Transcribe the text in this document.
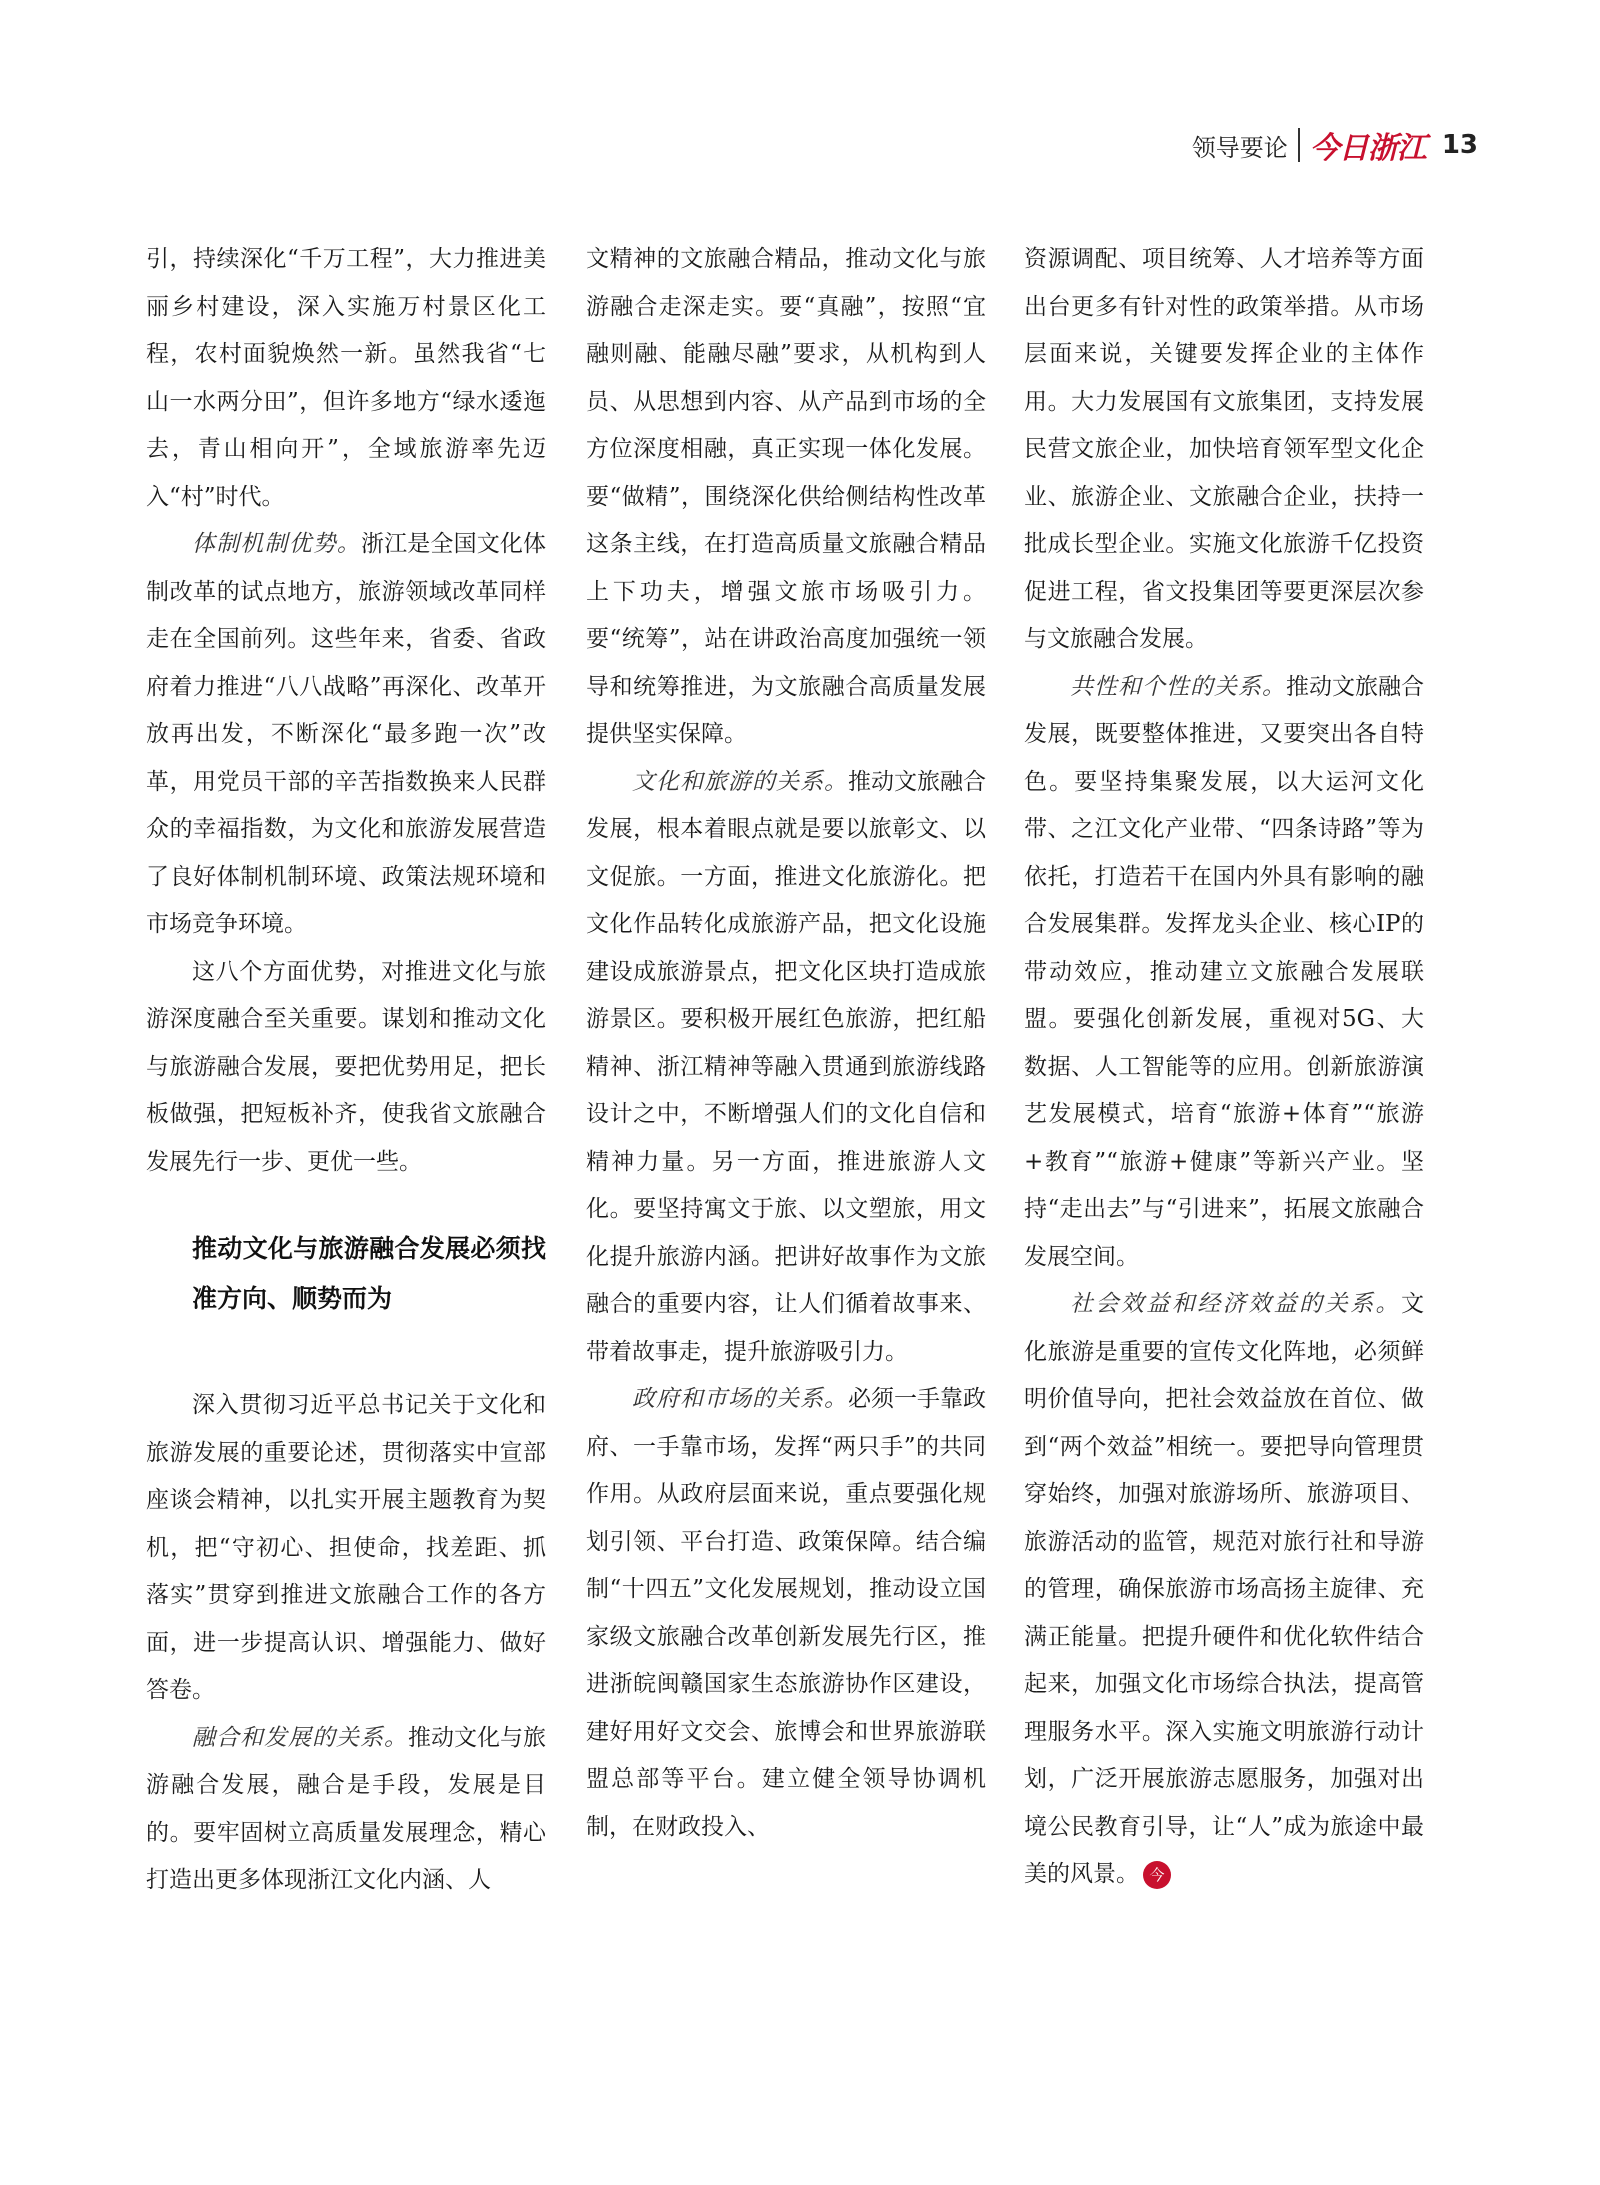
领导要论 今日浙江 13

引，持续深化“千万工程”，大力推进美丽乡村建设，深入实施万村景区化工程，农村面貌焕然一新。虽然我省“七山一水两分田”，但许多地方“绿水逶迤去，青山相向开”，全域旅游率先迈入“村”时代。

体制机制优势。浙江是全国文化体制改革的试点地方，旅游领域改革同样走在全国前列。这些年来，省委、省政府着力推进“八八战略”再深化、改革开放再出发，不断深化“最多跑一次”改革，用党员干部的辛苦指数换来人民群众的幸福指数，为文化和旅游发展营造了良好体制机制环境、政策法规环境和市场竞争环境。

这八个方面优势，对推进文化与旅游深度融合至关重要。谋划和推动文化与旅游融合发展，要把优势用足，把长板做强，把短板补齐，使我省文旅融合发展先行一步、更优一些。

推动文化与旅游融合发展必须找准方向、顺势而为

深入贯彻习近平总书记关于文化和旅游发展的重要论述，贯彻落实中宣部座谈会精神，以扎实开展主题教育为契机，把“守初心、担使命，找差距、抓落实”贯穿到推进文旅融合工作的各方面，进一步提高认识、增强能力、做好答卷。

融合和发展的关系。推动文化与旅游融合发展，融合是手段，发展是目的。要牢固树立高质量发展理念，精心打造出更多体现浙江文化内涵、人

文精神的文旅融合精品，推动文化与旅游融合走深走实。要“真融”，按照“宜融则融、能融尽融”要求，从机构到人员、从思想到内容、从产品到市场的全方位深度相融，真正实现一体化发展。要“做精”，围绕深化供给侧结构性改革这条主线，在打造高质量文旅融合精品上下功夫，增强文旅市场吸引力。要“统筹”，站在讲政治高度加强统一领导和统筹推进，为文旅融合高质量发展提供坚实保障。

文化和旅游的关系。推动文旅融合发展，根本着眼点就是要以旅彰文、以文促旅。一方面，推进文化旅游化。把文化作品转化成旅游产品，把文化设施建设成旅游景点，把文化区块打造成旅游景区。要积极开展红色旅游，把红船精神、浙江精神等融入贯通到旅游线路设计之中，不断增强人们的文化自信和精神力量。另一方面，推进旅游人文化。要坚持寓文于旅、以文塑旅，用文化提升旅游内涵。把讲好故事作为文旅融合的重要内容，让人们循着故事来、带着故事走，提升旅游吸引力。

政府和市场的关系。必须一手靠政府、一手靠市场，发挥“两只手”的共同作用。从政府层面来说，重点要强化规划引领、平台打造、政策保障。结合编制“十四五”文化发展规划，推动设立国家级文旅融合改革创新发展先行区，推进浙皖闽赣国家生态旅游协作区建设，建好用好文交会、旅博会和世界旅游联盟总部等平台。建立健全领导协调机制，在财政投入、

资源调配、项目统筹、人才培养等方面出台更多有针对性的政策举措。从市场层面来说，关键要发挥企业的主体作用。大力发展国有文旅集团，支持发展民营文旅企业，加快培育领军型文化企业、旅游企业、文旅融合企业，扶持一批成长型企业。实施文化旅游千亿投资促进工程，省文投集团等要更深层次参与文旅融合发展。

共性和个性的关系。推动文旅融合发展，既要整体推进，又要突出各自特色。要坚持集聚发展，以大运河文化带、之江文化产业带、“四条诗路”等为依托，打造若干在国内外具有影响的融合发展集群。发挥龙头企业、核心IP的带动效应，推动建立文旅融合发展联盟。要强化创新发展，重视对5G、大数据、人工智能等的应用。创新旅游演艺发展模式，培育“旅游+体育”“旅游+教育”“旅游+健康”等新兴产业。坚持“走出去”与“引进来”，拓展文旅融合发展空间。

社会效益和经济效益的关系。文化旅游是重要的宣传文化阵地，必须鲜明价值导向，把社会效益放在首位、做到“两个效益”相统一。要把导向管理贯穿始终，加强对旅游场所、旅游项目、旅游活动的监管，规范对旅行社和导游的管理，确保旅游市场高扬主旋律、充满正能量。把提升硬件和优化软件结合起来，加强文化市场综合执法，提高管理服务水平。深入实施文明旅游行动计划，广泛开展旅游志愿服务，加强对出境公民教育引导，让“人”成为旅途中最美的风景。 今
